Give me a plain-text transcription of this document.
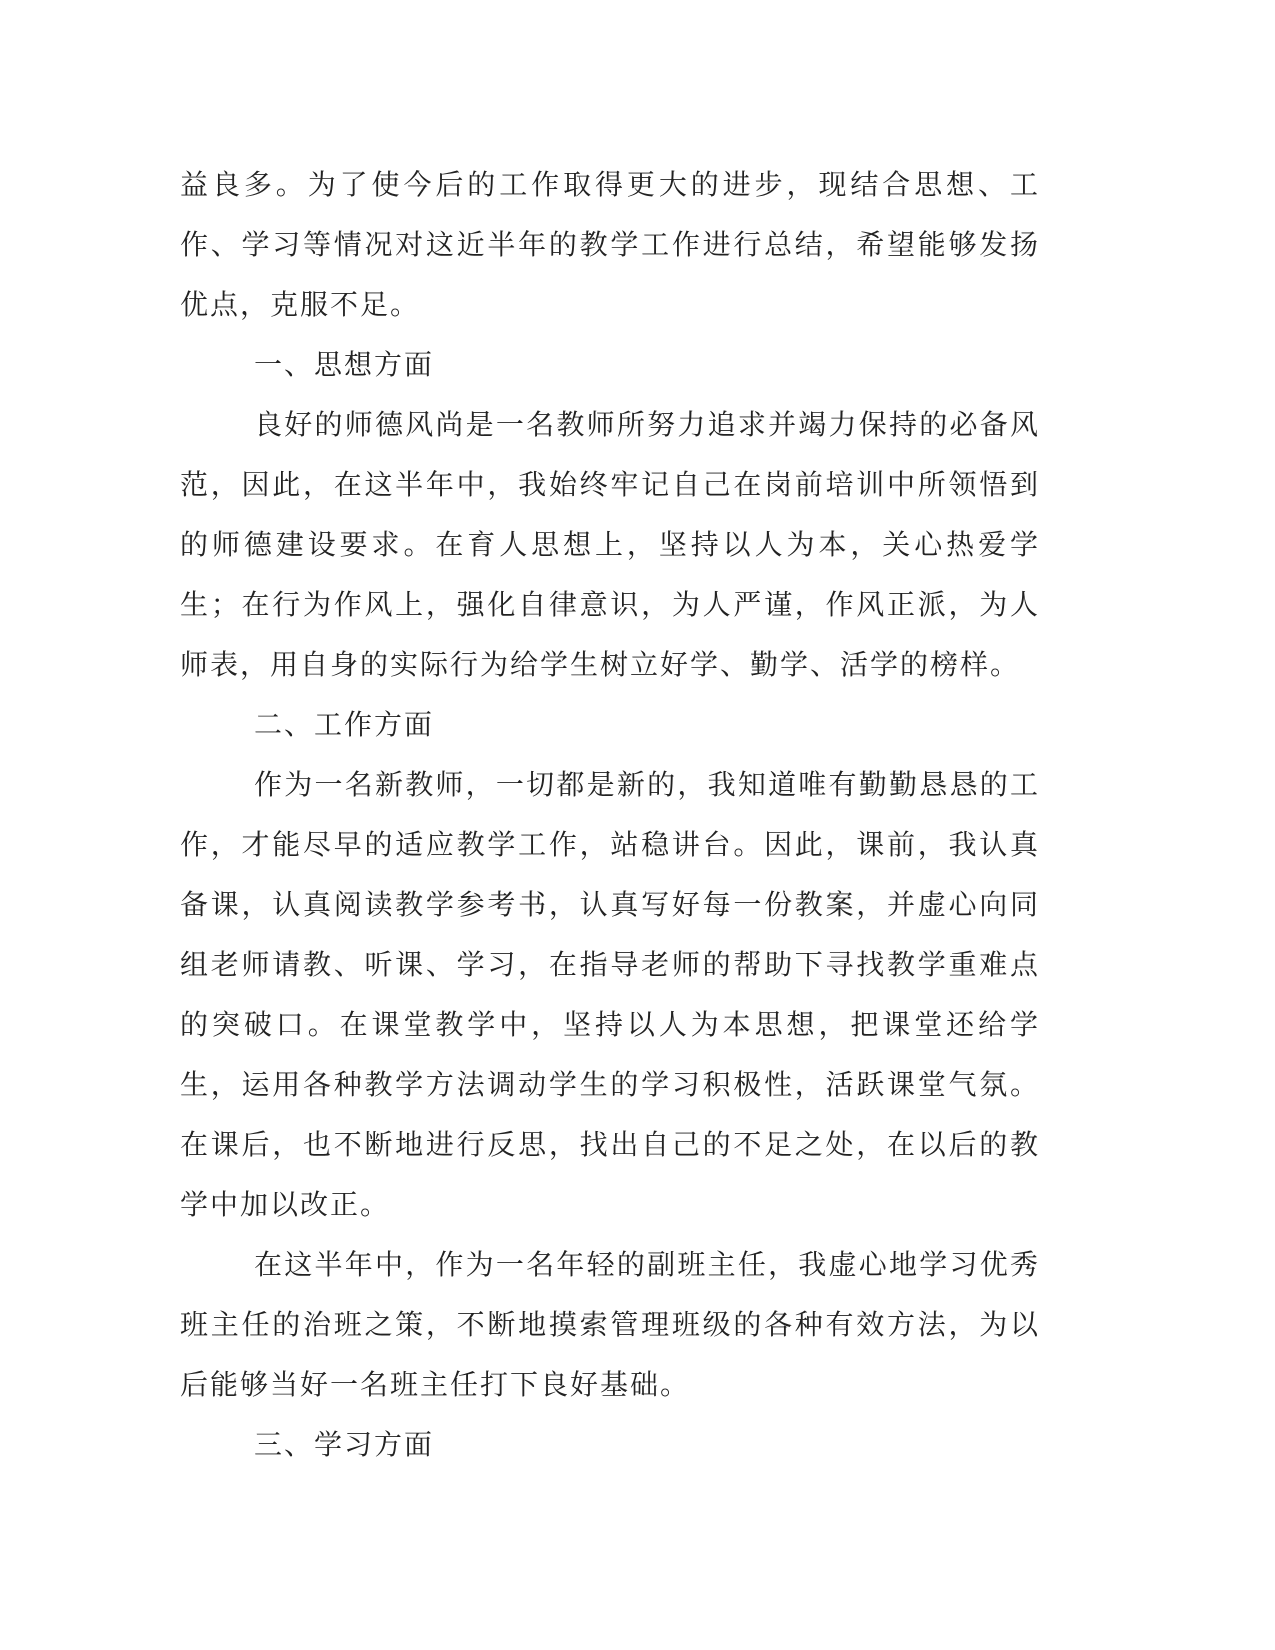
益良多。为了使今后的工作取得更大的进步，现结合思想、工作、学习等情况对这近半年的教学工作进行总结，希望能够发扬优点，克服不足。

一、思想方面

良好的师德风尚是一名教师所努力追求并竭力保持的必备风范，因此，在这半年中，我始终牢记自己在岗前培训中所领悟到的师德建设要求。在育人思想上，坚持以人为本，关心热爱学生；在行为作风上，强化自律意识，为人严谨，作风正派，为人师表，用自身的实际行为给学生树立好学、勤学、活学的榜样。

二、工作方面

作为一名新教师，一切都是新的，我知道唯有勤勤恳恳的工作，才能尽早的适应教学工作，站稳讲台。因此，课前，我认真备课，认真阅读教学参考书，认真写好每一份教案，并虚心向同组老师请教、听课、学习，在指导老师的帮助下寻找教学重难点的突破口。在课堂教学中，坚持以人为本思想，把课堂还给学生，运用各种教学方法调动学生的学习积极性，活跃课堂气氛。在课后，也不断地进行反思，找出自己的不足之处，在以后的教学中加以改正。

在这半年中，作为一名年轻的副班主任，我虚心地学习优秀班主任的治班之策，不断地摸索管理班级的各种有效方法，为以后能够当好一名班主任打下良好基础。

三、学习方面
